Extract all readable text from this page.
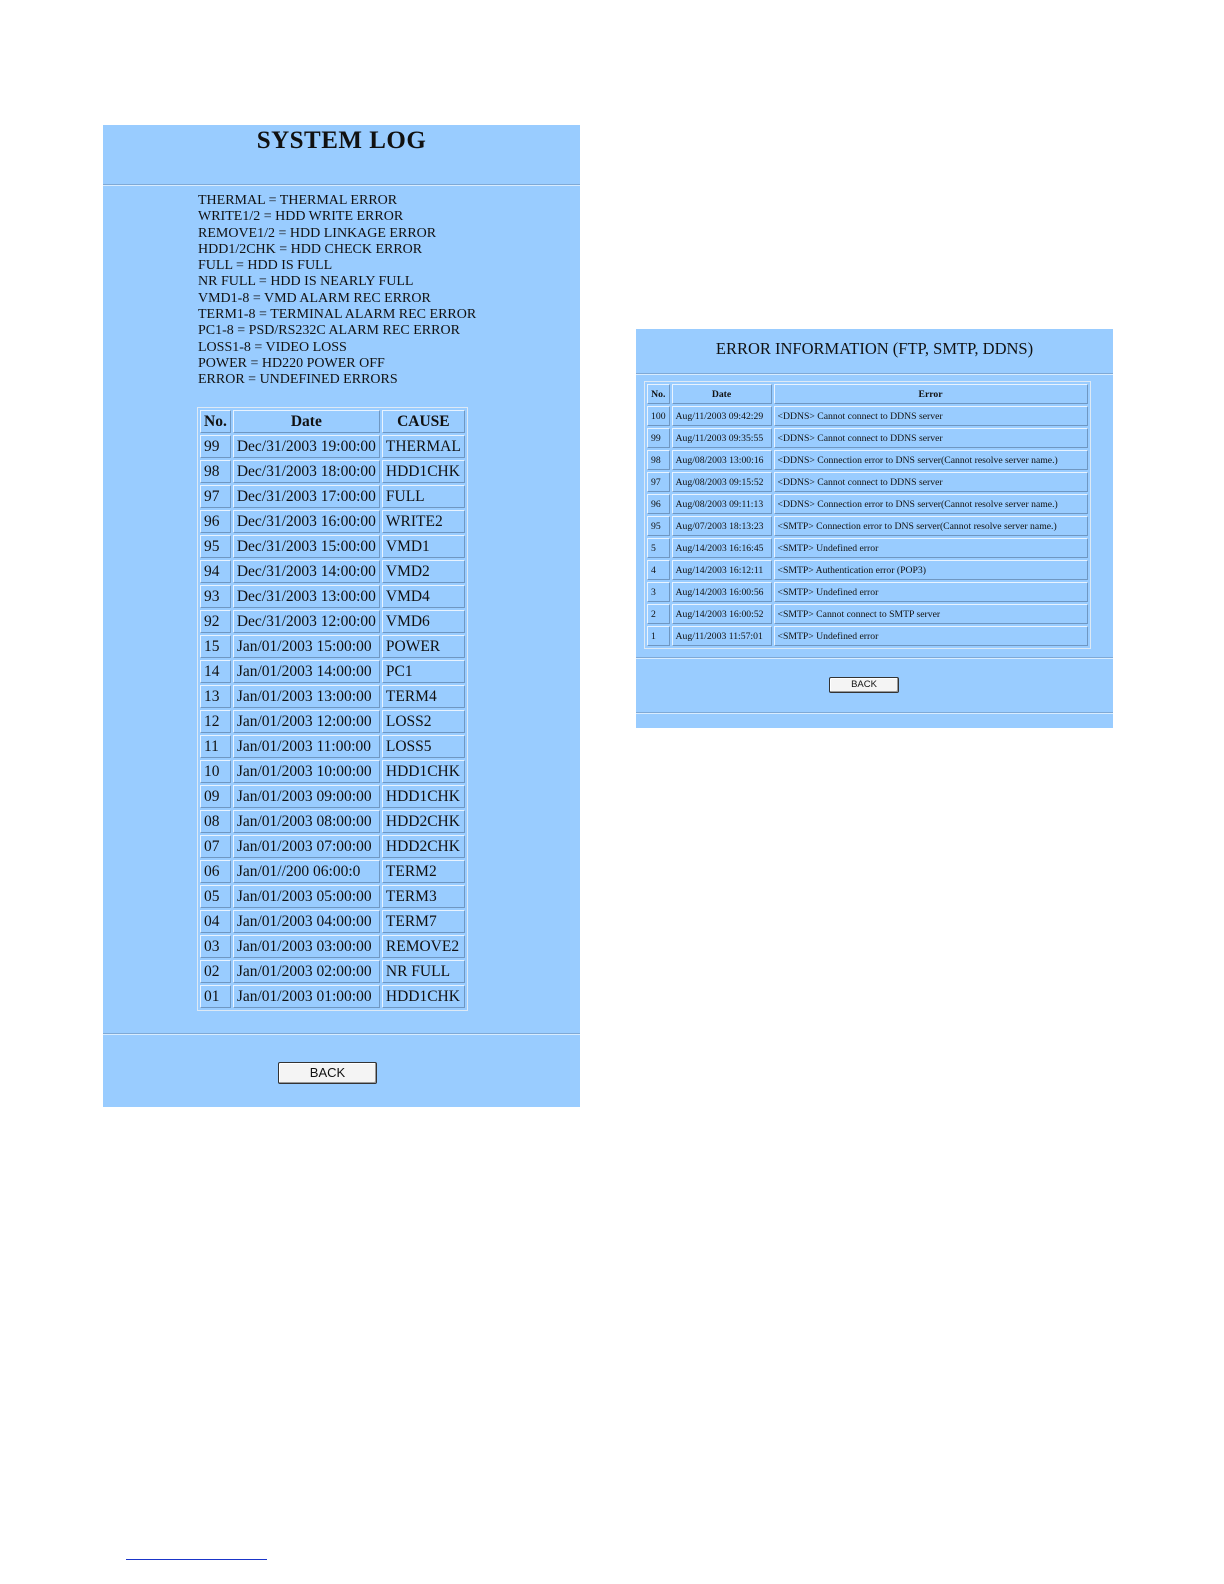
SYSTEM LOG
THERMAL = THERMAL ERROR
WRITE1/2 = HDD WRITE ERROR
REMOVE1/2 = HDD LINKAGE ERROR
HDD1/2CHK = HDD CHECK ERROR
FULL = HDD IS FULL
NR FULL = HDD IS NEARLY FULL
VMD1-8 = VMD ALARM REC ERROR
TERM1-8 = TERMINAL ALARM REC ERROR
PC1-8 = PSD/RS232C ALARM REC ERROR
LOSS1-8 = VIDEO LOSS
POWER = HD220 POWER OFF
ERROR = UNDEFINED ERRORS
No.	Date	CAUSE
99	Dec/31/2003 19:00:00	THERMAL
98	Dec/31/2003 18:00:00	HDD1CHK
97	Dec/31/2003 17:00:00	FULL
96	Dec/31/2003 16:00:00	WRITE2
95	Dec/31/2003 15:00:00	VMD1
94	Dec/31/2003 14:00:00	VMD2
93	Dec/31/2003 13:00:00	VMD4
92	Dec/31/2003 12:00:00	VMD6
15	Jan/01/2003 15:00:00	POWER
14	Jan/01/2003 14:00:00	PC1
13	Jan/01/2003 13:00:00	TERM4
12	Jan/01/2003 12:00:00	LOSS2
11	Jan/01/2003 11:00:00	LOSS5
10	Jan/01/2003 10:00:00	HDD1CHK
09	Jan/01/2003 09:00:00	HDD1CHK
08	Jan/01/2003 08:00:00	HDD2CHK
07	Jan/01/2003 07:00:00	HDD2CHK
06	Jan/01//200 06:00:0	TERM2
05	Jan/01/2003 05:00:00	TERM3
04	Jan/01/2003 04:00:00	TERM7
03	Jan/01/2003 03:00:00	REMOVE2
02	Jan/01/2003 02:00:00	NR FULL
01	Jan/01/2003 01:00:00	HDD1CHK
BACK
ERROR INFORMATION (FTP, SMTP, DDNS)
No.	Date	Error
100	Aug/11/2003 09:42:29	<DDNS> Cannot connect to DDNS server
99	Aug/11/2003 09:35:55	<DDNS> Cannot connect to DDNS server
98	Aug/08/2003 13:00:16	<DDNS> Connection error to DNS server(Cannot resolve server name.)
97	Aug/08/2003 09:15:52	<DDNS> Cannot connect to DDNS server
96	Aug/08/2003 09:11:13	<DDNS> Connection error to DNS server(Cannot resolve server name.)
95	Aug/07/2003 18:13:23	<SMTP> Connection error to DNS server(Cannot resolve server name.)
5	Aug/14/2003 16:16:45	<SMTP> Undefined error
4	Aug/14/2003 16:12:11	<SMTP> Authentication error (POP3)
3	Aug/14/2003 16:00:56	<SMTP> Undefined error
2	Aug/14/2003 16:00:52	<SMTP> Cannot connect to SMTP server
1	Aug/11/2003 11:57:01	<SMTP> Undefined error
BACK
